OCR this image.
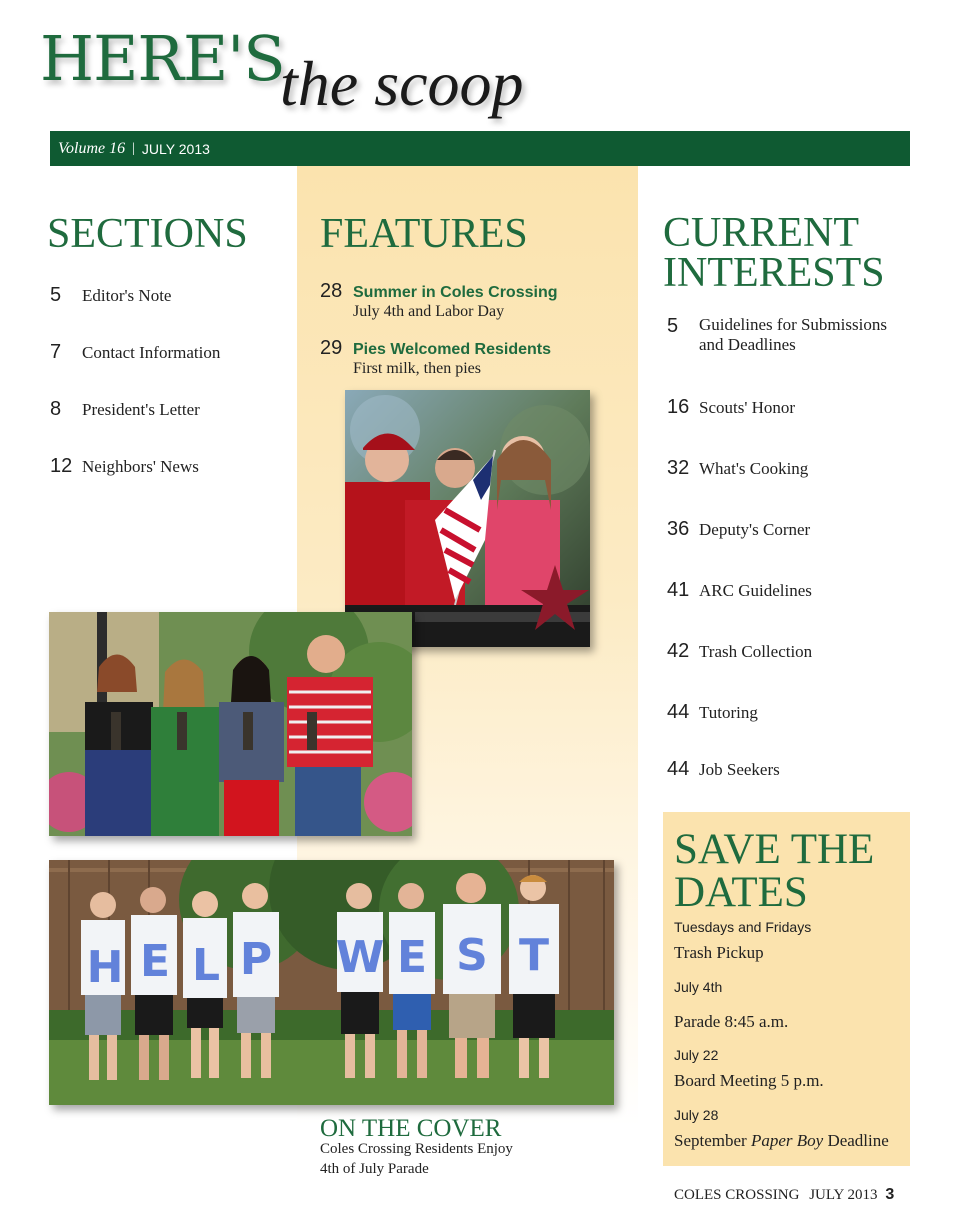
HERE'S
the scoop
Volume 16 | JULY 2013
SECTIONS
5	Editor's Note
7	Contact Information
8	President's Letter
12 Neighbors' News
FEATURES
28 Summer in Coles Crossing
July 4th and Labor Day
29 Pies Welcomed Residents
First milk, then pies
H E L P W E S T
CURRENT
INTERESTS
5	Guidelines for Submissions
and Deadlines
16 Scouts' Honor
32 What's Cooking
36 Deputy's Corner
41 ARC Guidelines
42 Trash Collection
44 Tutoring
44 Job Seekers
SAVE THE
DATES
Tuesdays and Fridays
Trash Pickup
July 4th
Parade 8:45 a.m.
July 22
Board Meeting 5 p.m.
July 28
September Paper Boy Deadline
ON THE COVER
Coles Crossing Residents Enjoy
4th of July Parade
COLES CROSSING JULY 2013 3
